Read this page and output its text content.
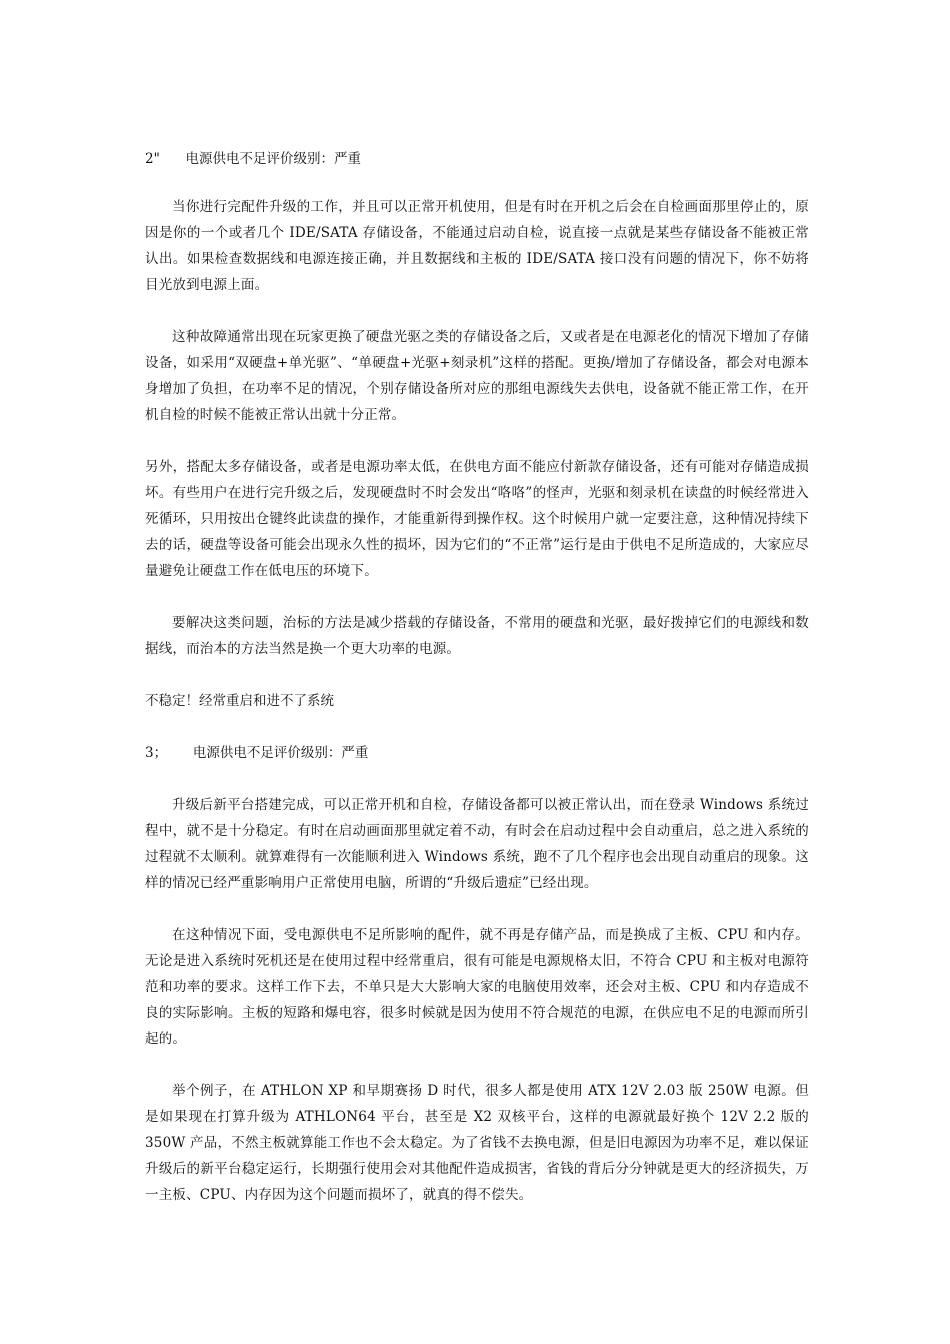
2"      电源供电不足评价级别：严重

当你进行完配件升级的工作，并且可以正常开机使用，但是有时在开机之后会在自检画面那里停止的，原因是你的一个或者几个 IDE/SATA 存储设备，不能通过启动自检，说直接一点就是某些存储设备不能被正常认出。如果检查数据线和电源连接正确，并且数据线和主板的 IDE/SATA 接口没有问题的情况下，你不妨将目光放到电源上面。

这种故障通常出现在玩家更换了硬盘光驱之类的存储设备之后，又或者是在电源老化的情况下增加了存储设备，如采用“双硬盘+单光驱”、“单硬盘+光驱+刻录机”这样的搭配。更换/增加了存储设备，都会对电源本身增加了负担，在功率不足的情况，个别存储设备所对应的那组电源线失去供电，设备就不能正常工作，在开机自检的时候不能被正常认出就十分正常。

另外，搭配太多存储设备，或者是电源功率太低，在供电方面不能应付新款存储设备，还有可能对存储造成损坏。有些用户在进行完升级之后，发现硬盘时不时会发出“咯咯”的怪声，光驱和刻录机在读盘的时候经常进入死循环，只用按出仓键终此读盘的操作，才能重新得到操作权。这个时候用户就一定要注意，这种情况持续下去的话，硬盘等设备可能会出现永久性的损坏，因为它们的“不正常”运行是由于供电不足所造成的，大家应尽量避免让硬盘工作在低电压的环境下。

要解决这类问题，治标的方法是减少搭载的存储设备，不常用的硬盘和光驱，最好拨掉它们的电源线和数据线，而治本的方法当然是换一个更大功率的电源。

不稳定！经常重启和进不了系统

3；      电源供电不足评价级别：严重

升级后新平台搭建完成，可以正常开机和自检，存储设备都可以被正常认出，而在登录 Windows 系统过程中，就不是十分稳定。有时在启动画面那里就定着不动，有时会在启动过程中会自动重启，总之进入系统的过程就不太顺利。就算难得有一次能顺利进入 Windows 系统，跑不了几个程序也会出现自动重启的现象。这样的情况已经严重影响用户正常使用电脑，所谓的“升级后遗症”已经出现。

在这种情况下面，受电源供电不足所影响的配件，就不再是存储产品，而是换成了主板、CPU 和内存。无论是进入系统时死机还是在使用过程中经常重启，很有可能是电源规格太旧，不符合 CPU 和主板对电源符范和功率的要求。这样工作下去，不单只是大大影响大家的电脑使用效率，还会对主板、CPU 和内存造成不良的实际影响。主板的短路和爆电容，很多时候就是因为使用不符合规范的电源，在供应电不足的电源而所引起的。

举个例子，在 ATHLON XP 和早期赛扬 D 时代，很多人都是使用 ATX 12V 2.03 版 250W 电源。但是如果现在打算升级为 ATHLON64 平台，甚至是 X2 双核平台，这样的电源就最好换个 12V 2.2 版的 350W 产品，不然主板就算能工作也不会太稳定。为了省钱不去换电源，但是旧电源因为功率不足，难以保证升级后的新平台稳定运行，长期强行使用会对其他配件造成损害，省钱的背后分分钟就是更大的经济损失，万一主板、CPU、内存因为这个问题而损坏了，就真的得不偿失。
